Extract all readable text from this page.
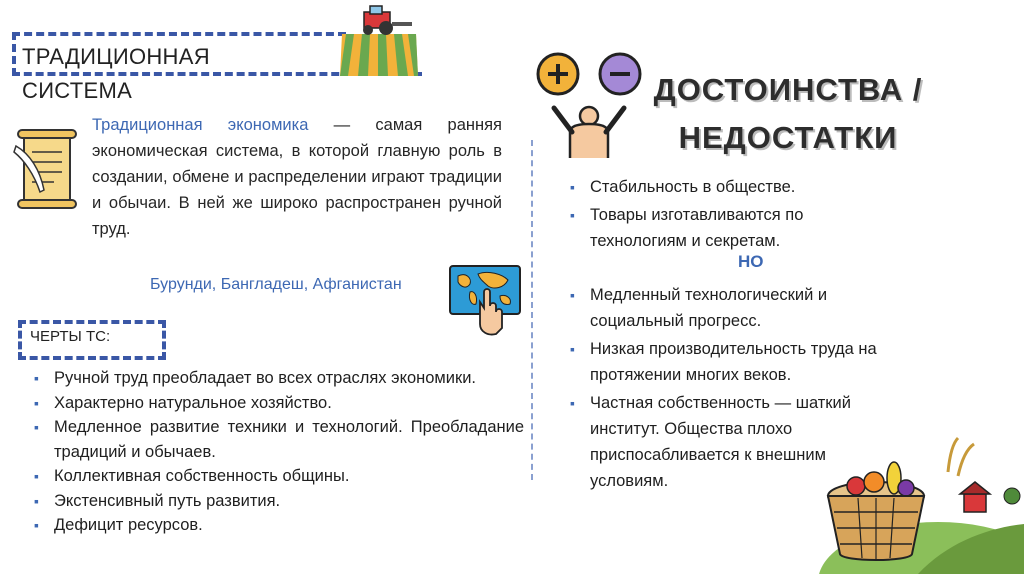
ТРАДИЦИОННАЯ
СИСТЕМА
Традиционная экономика — самая ранняя экономическая система, в которой главную роль в создании, обмене и распределении играют традиции и обычаи. В ней же широко распространен ручной труд.
Бурунди, Бангладеш, Афганистан
ЧЕРТЫ ТС:
▪ Ручной труд преобладает во всех отраслях экономики.
▪ Характерно натуральное хозяйство.
▪ Медленное развитие техники и технологий. Преобладание традиций и обычаев.
▪ Коллективная собственность общины.
▪ Экстенсивный путь развития.
▪ Дефицит ресурсов.
ДОСТОИНСТВА /
НЕДОСТАТКИ
▪ Стабильность в обществе.
▪ Товары изготавливаются по технологиям и секретам.
НО
▪ Медленный технологический и социальный прогресс.
▪ Низкая производительность труда на протяжении многих веков.
▪ Частная собственность — шаткий институт. Общества плохо приспосабливается к внешним условиям.
